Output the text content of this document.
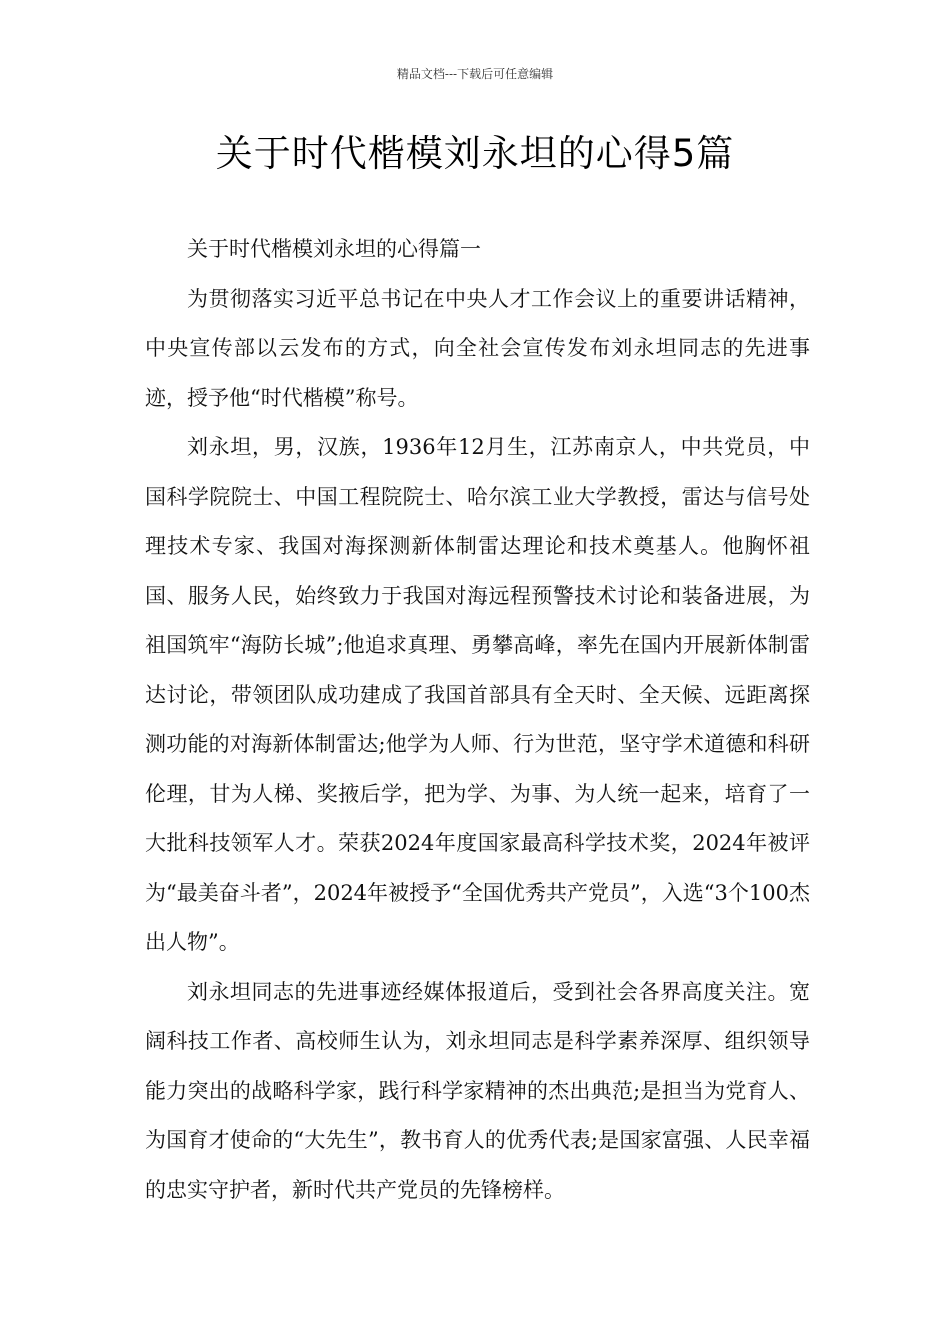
精品文档---下载后可任意编辑
关于时代楷模刘永坦的心得5篇

关于时代楷模刘永坦的心得篇一

为贯彻落实习近平总书记在中央人才工作会议上的重要讲话精神，中央宣传部以云发布的方式，向全社会宣传发布刘永坦同志的先进事迹，授予他“时代楷模”称号。

刘永坦，男，汉族，1936年12月生，江苏南京人，中共党员，中国科学院院士、中国工程院院士、哈尔滨工业大学教授，雷达与信号处理技术专家、我国对海探测新体制雷达理论和技术奠基人。他胸怀祖国、服务人民，始终致力于我国对海远程预警技术讨论和装备进展，为祖国筑牢“海防长城”;他追求真理、勇攀高峰，率先在国内开展新体制雷达讨论，带领团队成功建成了我国首部具有全天时、全天候、远距离探测功能的对海新体制雷达;他学为人师、行为世范，坚守学术道德和科研伦理，甘为人梯、奖掖后学，把为学、为事、为人统一起来，培育了一大批科技领军人才。荣获2024年度国家最高科学技术奖，2024年被评为“最美奋斗者”，2024年被授予“全国优秀共产党员”，入选“3个100杰出人物”。

刘永坦同志的先进事迹经媒体报道后，受到社会各界高度关注。宽阔科技工作者、高校师生认为，刘永坦同志是科学素养深厚、组织领导能力突出的战略科学家，践行科学家精神的杰出典范;是担当为党育人、为国育才使命的“大先生”，教书育人的优秀代表;是国家富强、人民幸福的忠实守护者，新时代共产党员的先锋榜样。
